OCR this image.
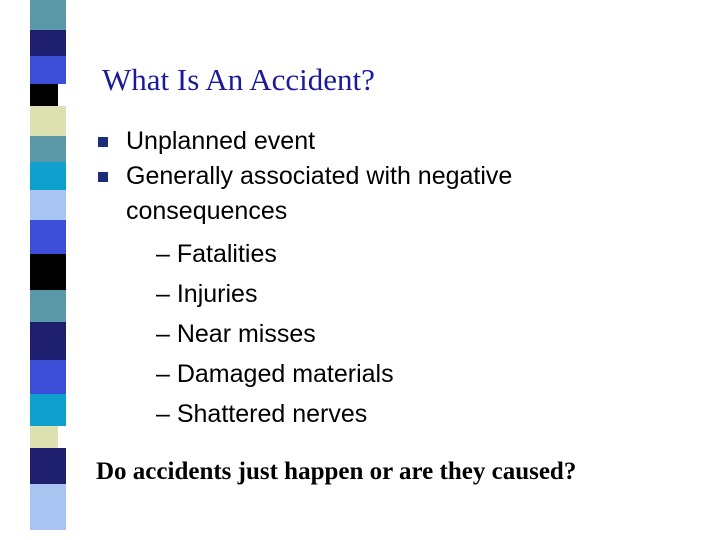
What Is An Accident?
Unplanned event
Generally associated with negative consequences
– Fatalities
– Injuries
– Near misses
– Damaged materials
– Shattered nerves
Do accidents just happen or are they caused?
